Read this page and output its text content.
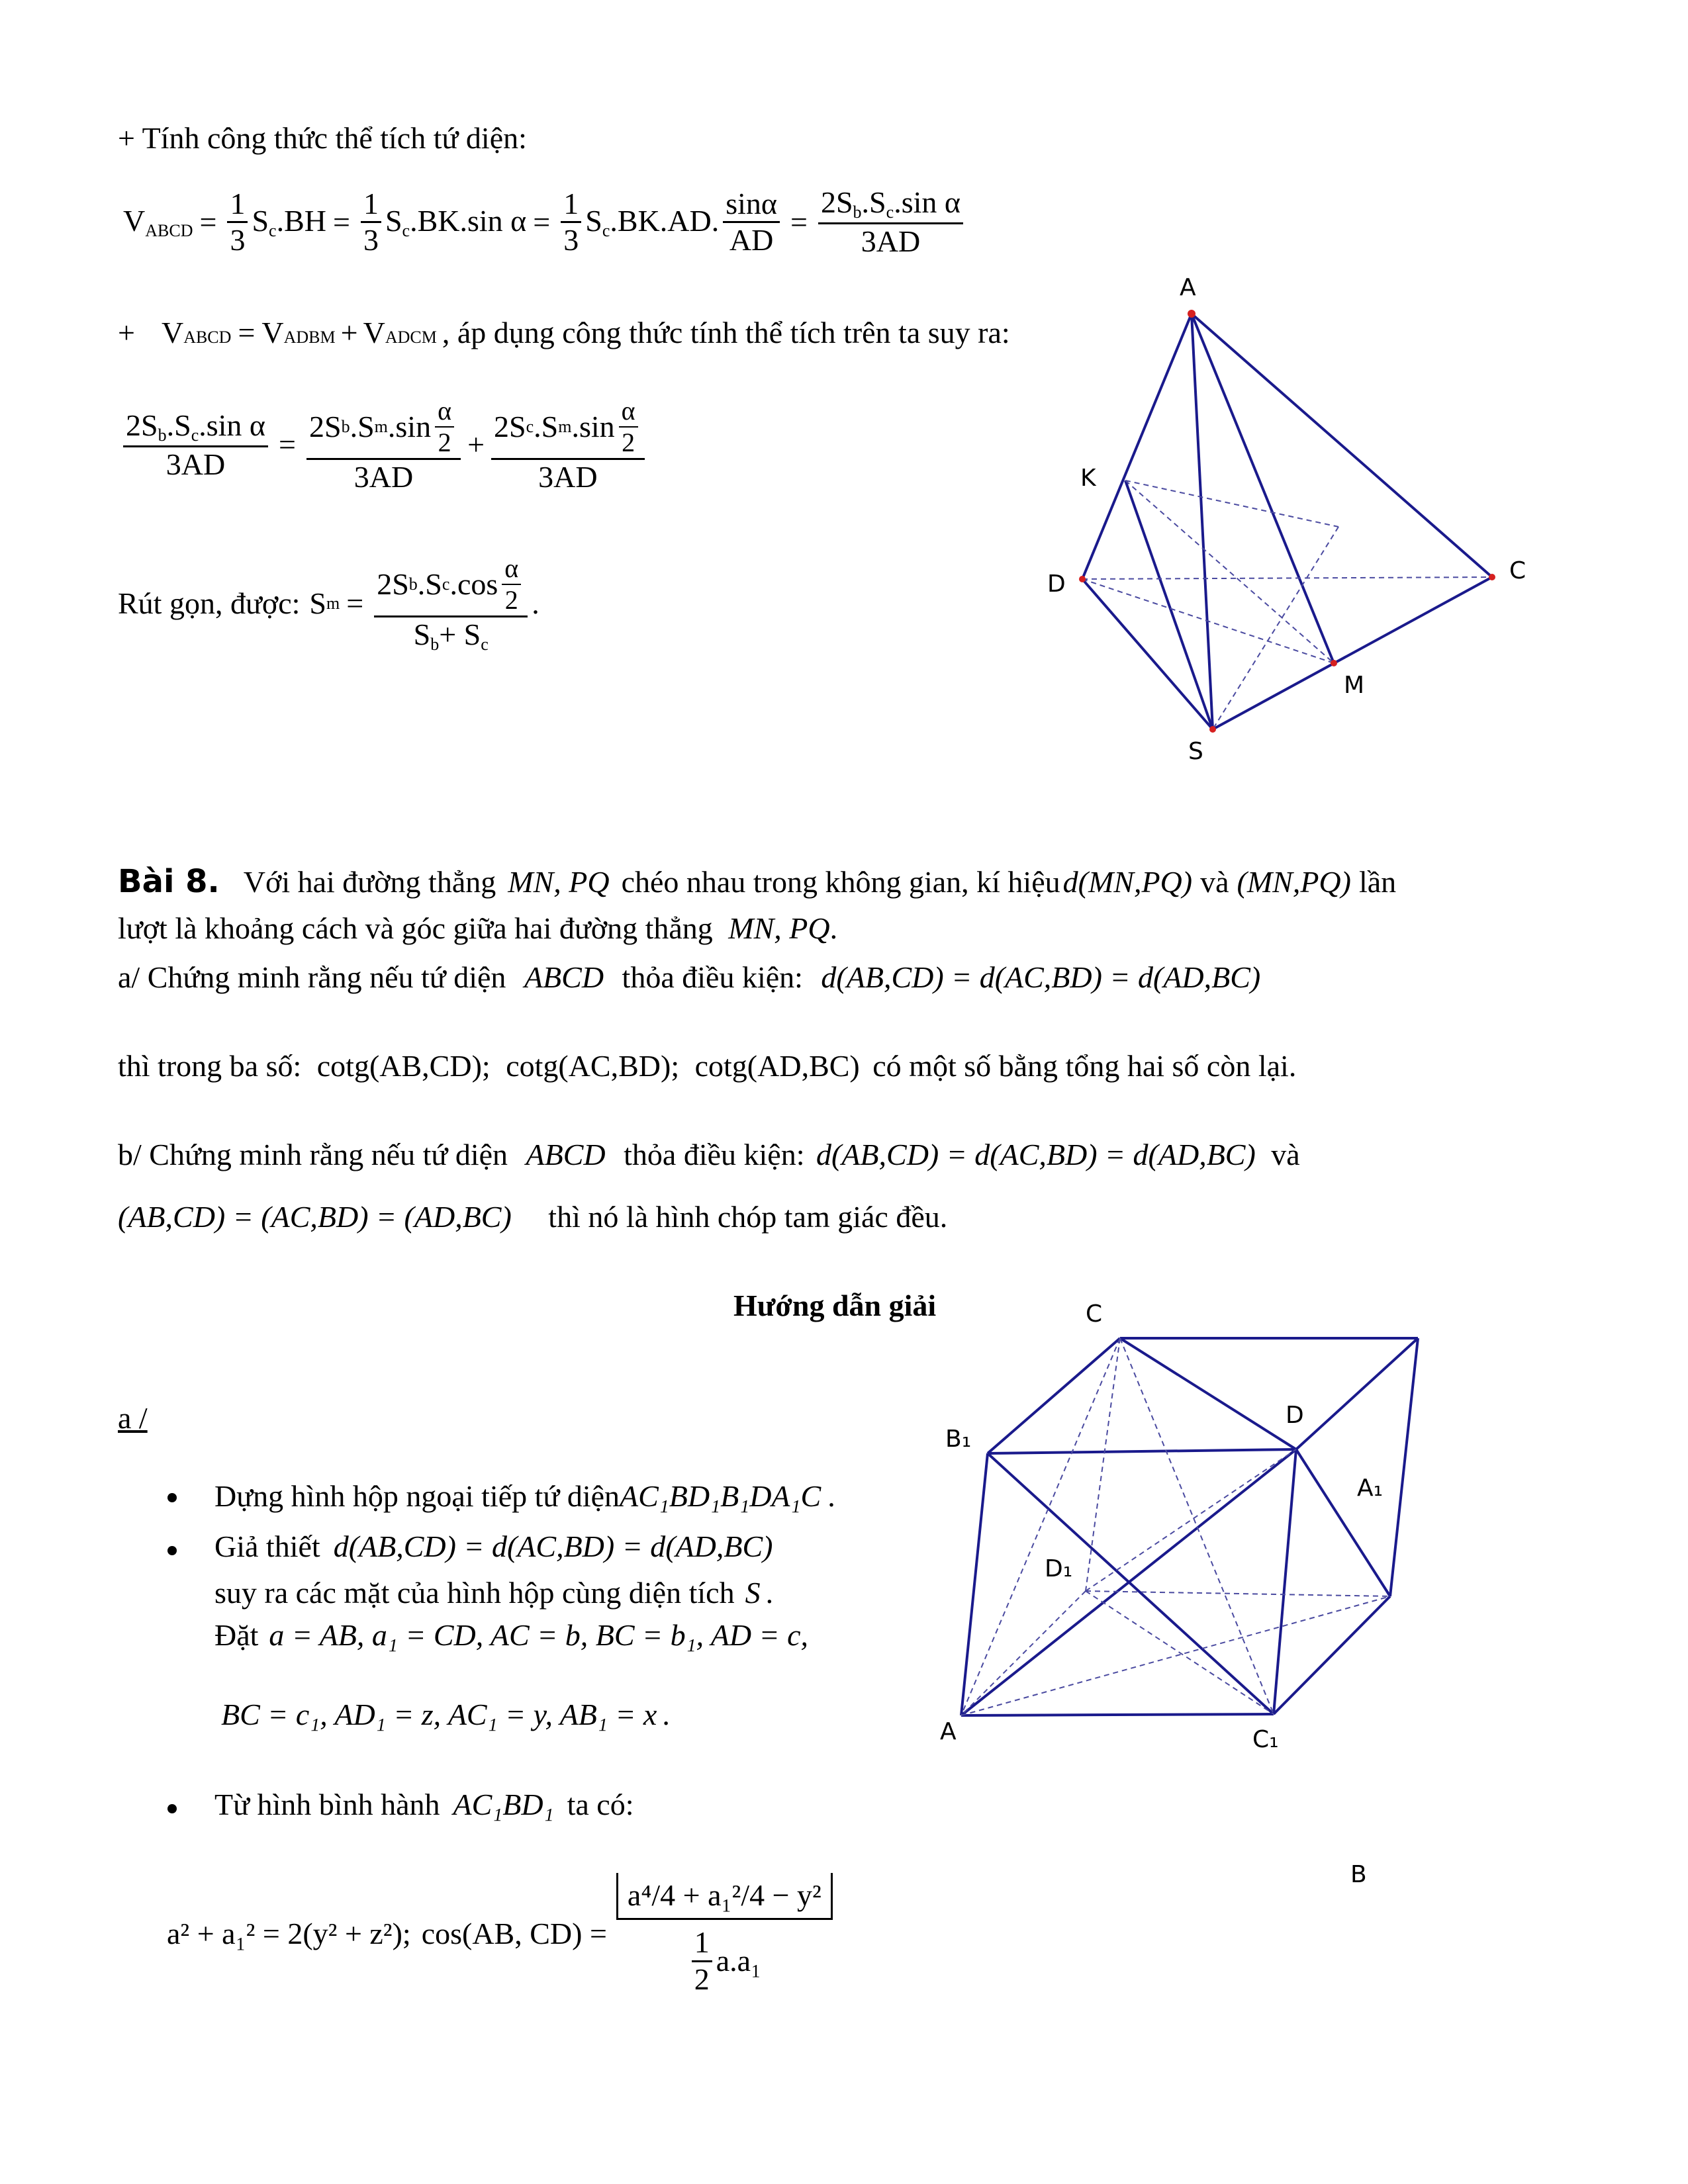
+ Tính công thức thể tích tứ diện:
$V_{ABCD} = \frac{1}{3} S_c.BH = \frac{1}{3} S_c.BK.\sin$ $\alpha = \frac{1}{3} S_c.BK.AD$. $\frac{\sin\alpha}{AD} = \frac{2S_b.S_c.\sin \alpha}{3AD}$
+ V ABCD = V ADBM + V ADCM , áp dụng công thức tính thể tích trên ta suy ra:
$\frac{2S_b.S_c.\sin \alpha}{3AD} = \frac{2S b .S m .\sin \frac{\alpha}{2}}{3AD} + \frac{2S c .S m .\sin \frac{\alpha}{2}}{3AD}$
Rút gọn, được: S $m = \frac{2S b .S c .\cos \frac{\alpha}{2}}{S_b+ S_c}$ .
A
K
D	C
M
S
Bài 8. Với hai đường thẳng MN, PQ chéo nhau trong không gian, kí hiệu d(MN,PQ) và (MN,PQ) lần
lượt là khoảng cách và góc giữa hai đường thẳng MN, PQ.
a/ Chứng minh rằng nếu tứ diện ABCD thỏa điều kiện: d(AB,CD) = d(AC,BD) = d(AD,BC)
thì trong ba số: cotg(AB,CD); cotg(AC,BD); cotg(AD,BC) có một số bằng tổng hai số còn lại.
b/ Chứng minh rằng nếu tứ diện ABCD thỏa điều kiện: d(AB,CD) = d(AC,BD) = d(AD,BC) và
(AB,CD) = (AC,BD) = (AD,BC) thì nó là hình chóp tam giác đều.
Hướng dẫn giải
a /
Dựng hình hộp ngoại tiếp tứ diệnAC₁BD₁B₁DA₁C .
Giả thiết d(AB,CD) = d(AC,BD) = d(AD,BC)
suy ra các mặt của hình hộp cùng diện tích S .
Đặt a = AB, a₁ = CD, AC = b, BC = b₁, AD = c,
BC = c₁, AD₁ = z, AC₁ = y, AB₁ = x .
Từ hình bình hành AC₁BD₁ ta có:
a² + a₁² = 2(y² + z²); cos(AB, $CD) = \frac{\text{a⁴/4 + a₁²/4 − y²}}{\frac{1}{2} a.a_1}$
C
D
B₁
A₁
D₁
A	C₁
B
